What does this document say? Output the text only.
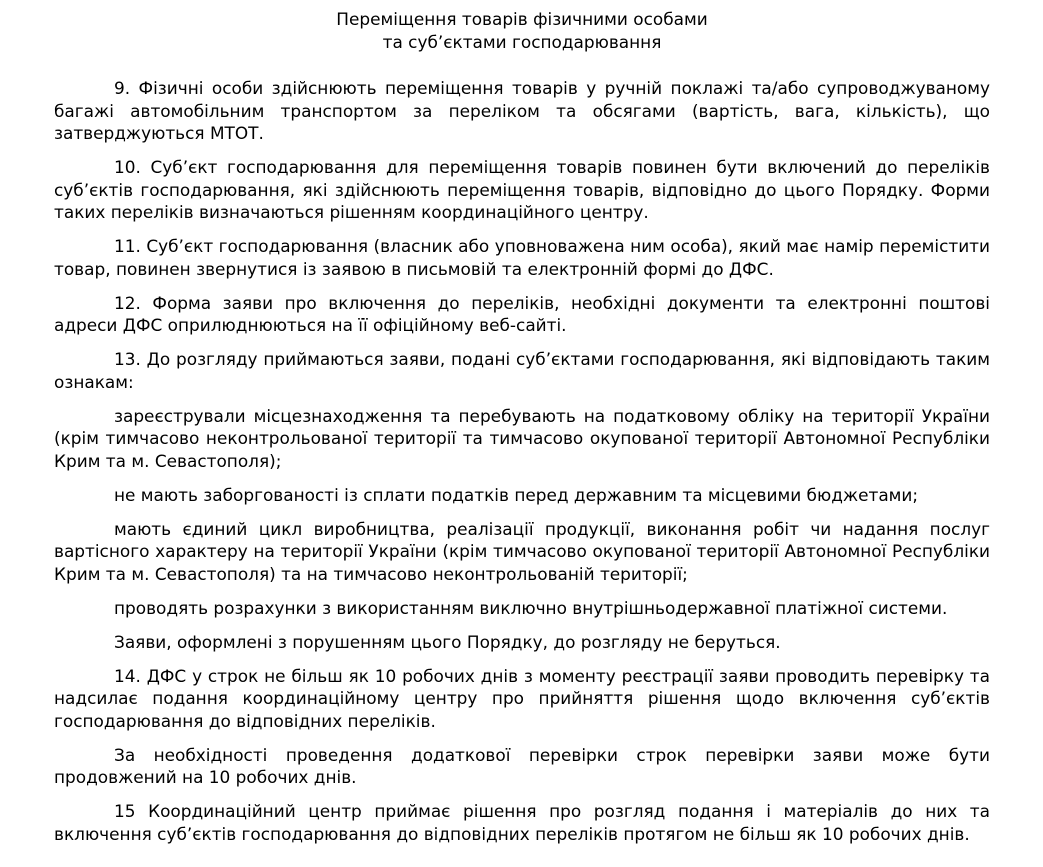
Переміщення товарів фізичними особами
та суб’єктами господарювання

9. Фізичні особи здійснюють переміщення товарів у ручній поклажі та/або супроводжуваному багажі автомобільним транспортом за переліком та обсягами (вартість, вага, кількість), що затверджуються МТОТ.

10. Суб’єкт господарювання для переміщення товарів повинен бути включений до переліків суб’єктів господарювання, які здійснюють переміщення товарів, відповідно до цього Порядку. Форми таких переліків визначаються рішенням координаційного центру.

11. Суб’єкт господарювання (власник або уповноважена ним особа), який має намір перемістити товар, повинен звернутися із заявою в письмовій та електронній формі до ДФС.

12. Форма заяви про включення до переліків, необхідні документи та електронні поштові адреси ДФС оприлюднюються на її офіційному веб-сайті.

13. До розгляду приймаються заяви, подані суб’єктами господарювання, які відповідають таким ознакам:

зареєстрували місцезнаходження та перебувають на податковому обліку на території України (крім тимчасово неконтрольованої території та тимчасово окупованої території Автономної Республіки Крим та м. Севастополя);

не мають заборгованості із сплати податків перед державним та місцевими бюджетами;

мають єдиний цикл виробництва, реалізації продукції, виконання робіт чи надання послуг вартісного характеру на території України (крім тимчасово окупованої території Автономної Республіки Крим та м. Севастополя) та на тимчасово неконтрольованій території;

проводять розрахунки з використанням виключно внутрішньодержавної платіжної системи.

Заяви, оформлені з порушенням цього Порядку, до розгляду не беруться.

14. ДФС у строк не більш як 10 робочих днів з моменту реєстрації заяви проводить перевірку та надсилає подання координаційному центру про прийняття рішення щодо включення суб’єктів господарювання до відповідних переліків.

За необхідності проведення додаткової перевірки строк перевірки заяви може бути продовжений на 10 робочих днів.

15 Координаційний центр приймає рішення про розгляд подання і матеріалів до них та включення суб’єктів господарювання до відповідних переліків протягом не більш як 10 робочих днів.
